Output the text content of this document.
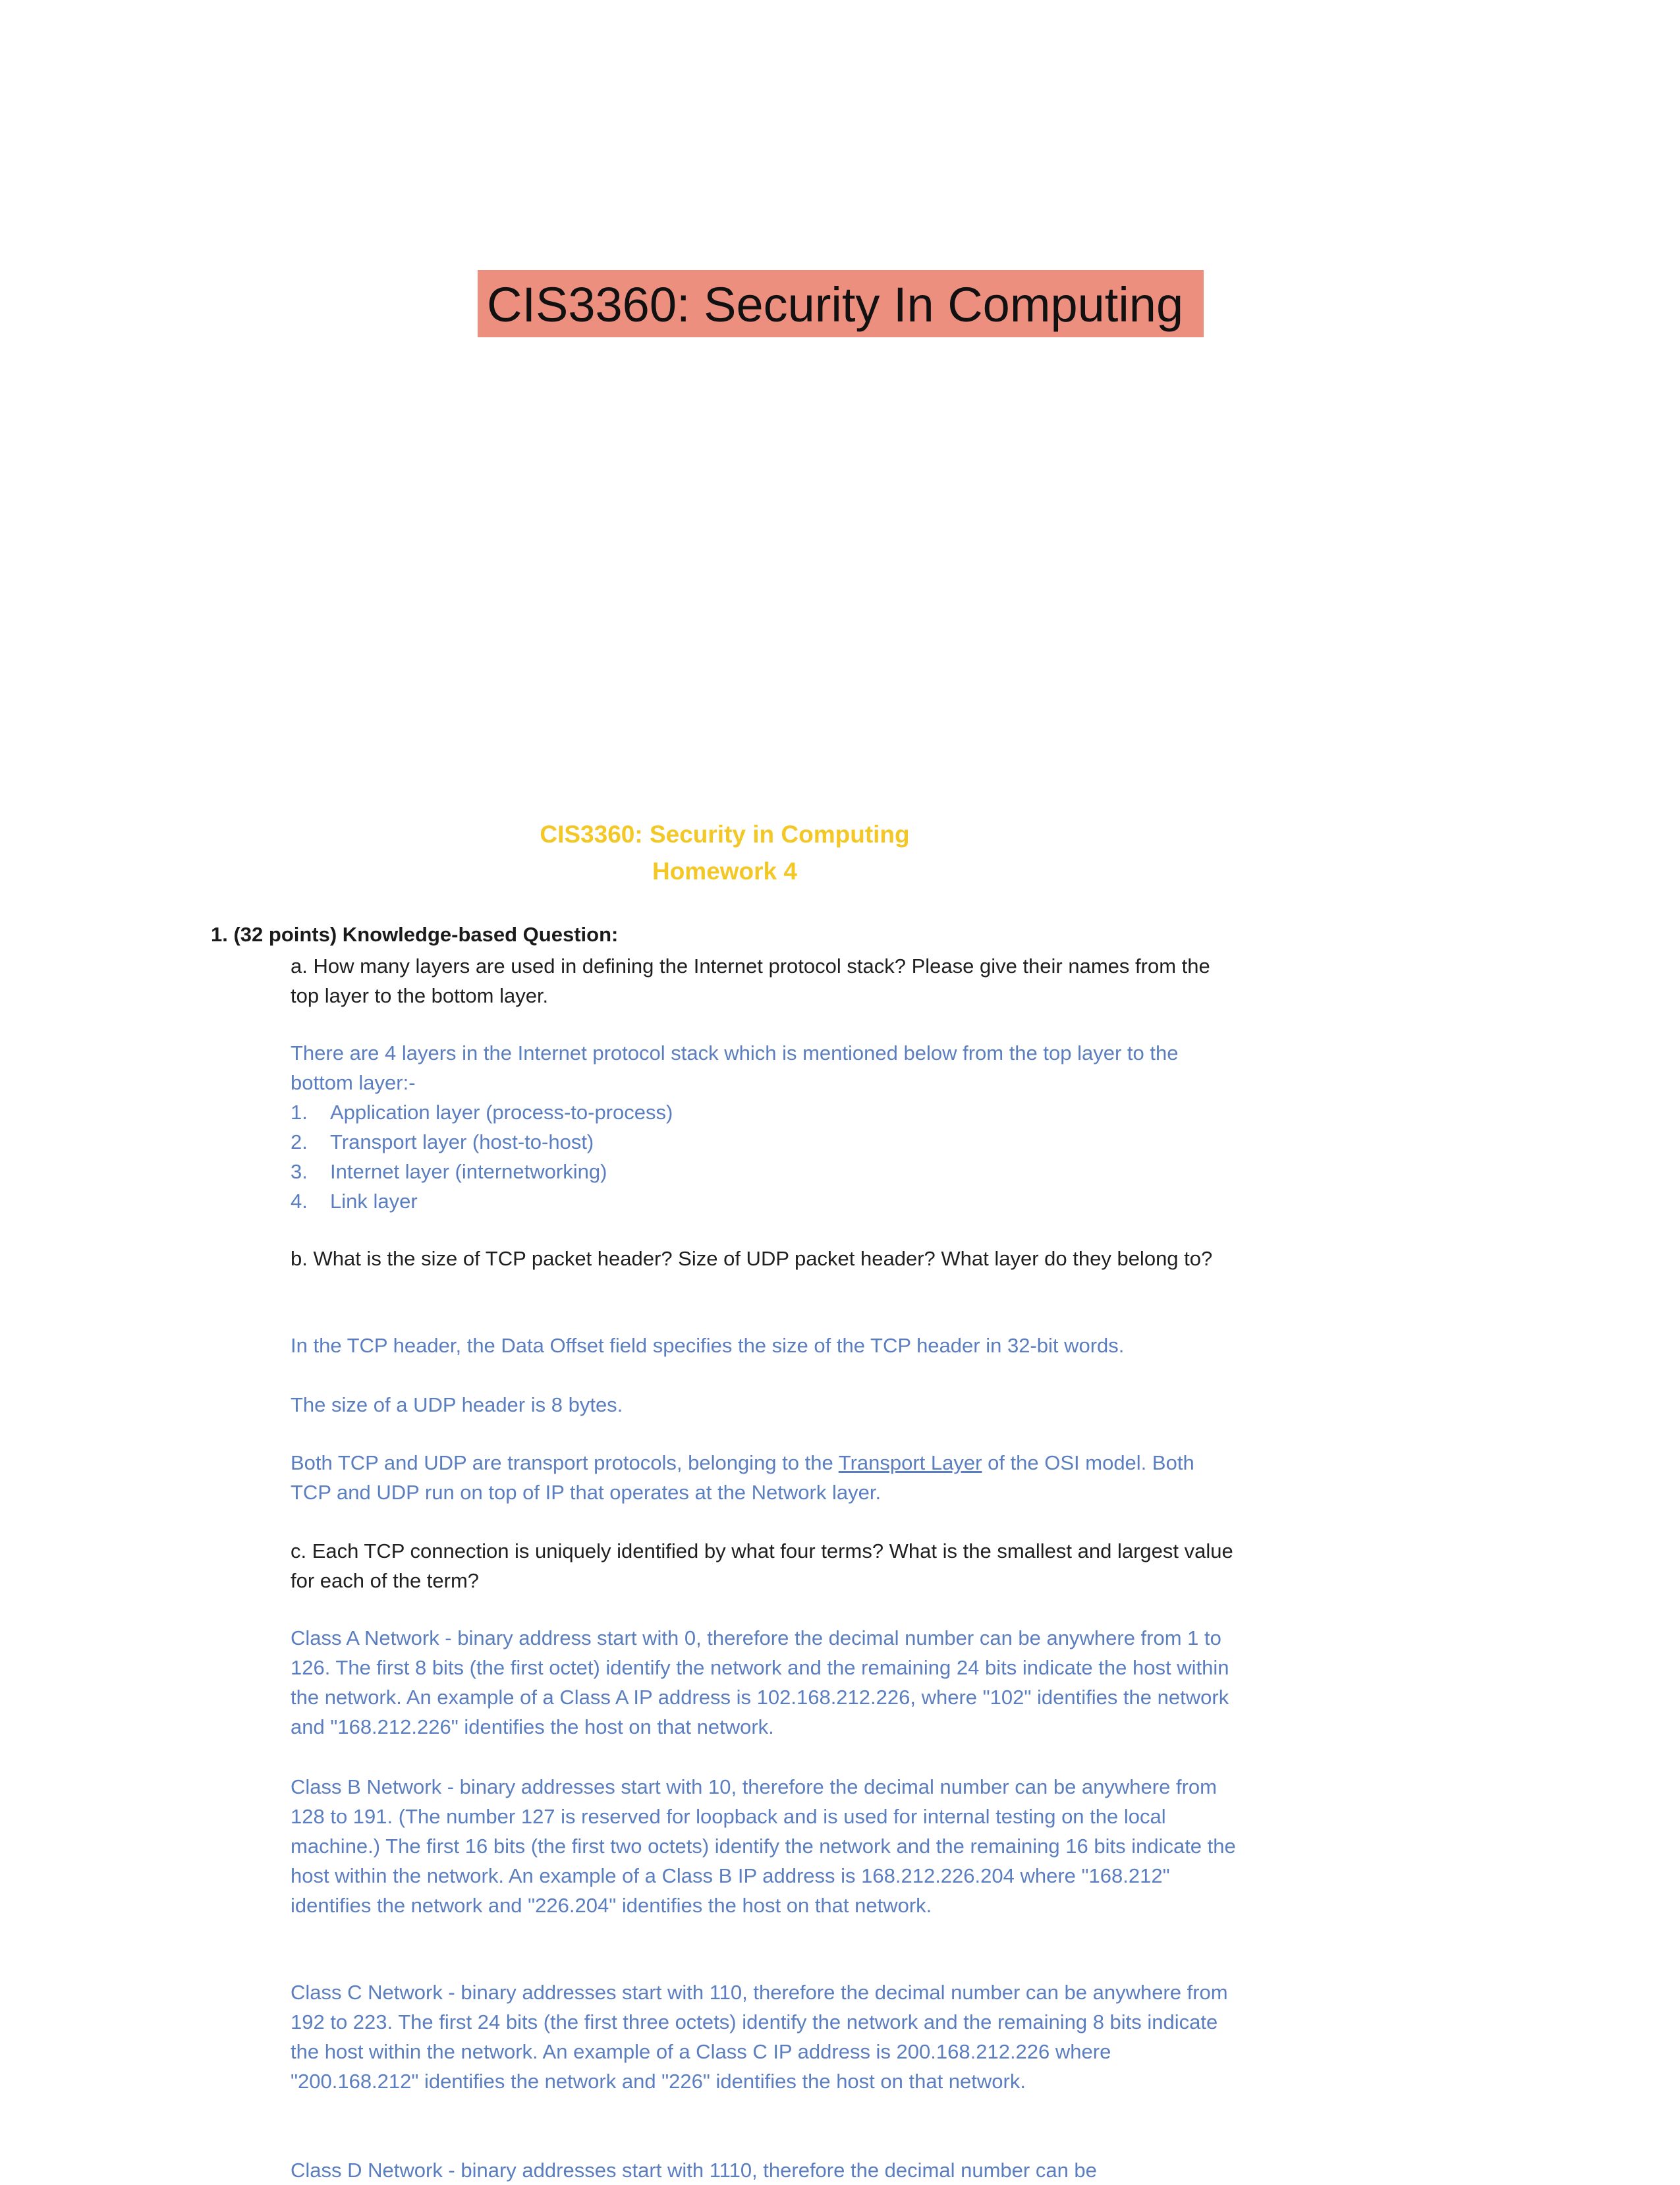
CIS3360: Security In Computing
CIS3360: Security in Computing
Homework 4
1. (32 points) Knowledge-based Question:

a. How many layers are used in defining the Internet protocol stack? Please give their names from the top layer to the bottom layer.

There are 4 layers in the Internet protocol stack which is mentioned below from the top layer to the bottom layer:-

1.	Application layer (process-to-process)
2.	Transport layer (host-to-host)
3.	Internet layer (internetworking)
4.	Link layer

b. What is the size of TCP packet header? Size of UDP packet header? What layer do they belong to?

In the TCP header, the Data Offset field specifies the size of the TCP header in 32-bit words.

The size of a UDP header is 8 bytes.

Both TCP and UDP are transport protocols, belonging to the Transport Layer of the OSI model. Both TCP and UDP run on top of IP that operates at the Network layer.

c. Each TCP connection is uniquely identified by what four terms? What is the smallest and largest value for each of the term?

Class A Network - binary address start with 0, therefore the decimal number can be anywhere from 1 to 126. The first 8 bits (the first octet) identify the network and the remaining 24 bits indicate the host within the network. An example of a Class A IP address is 102.168.212.226, where "102" identifies the network and "168.212.226" identifies the host on that network.

Class B Network - binary addresses start with 10, therefore the decimal number can be anywhere from 128 to 191. (The number 127 is reserved for loopback and is used for internal testing on the local machine.) The first 16 bits (the first two octets) identify the network and the remaining 16 bits indicate the host within the network. An example of a Class B IP address is 168.212.226.204 where "168.212" identifies the network and "226.204" identifies the host on that network.

Class C Network - binary addresses start with 110, therefore the decimal number can be anywhere from 192 to 223. The first 24 bits (the first three octets) identify the network and the remaining 8 bits indicate the host within the network. An example of a Class C IP address is 200.168.212.226 where "200.168.212" identifies the network and "226" identifies the host on that network.

Class D Network - binary addresses start with 1110, therefore the decimal number can be
